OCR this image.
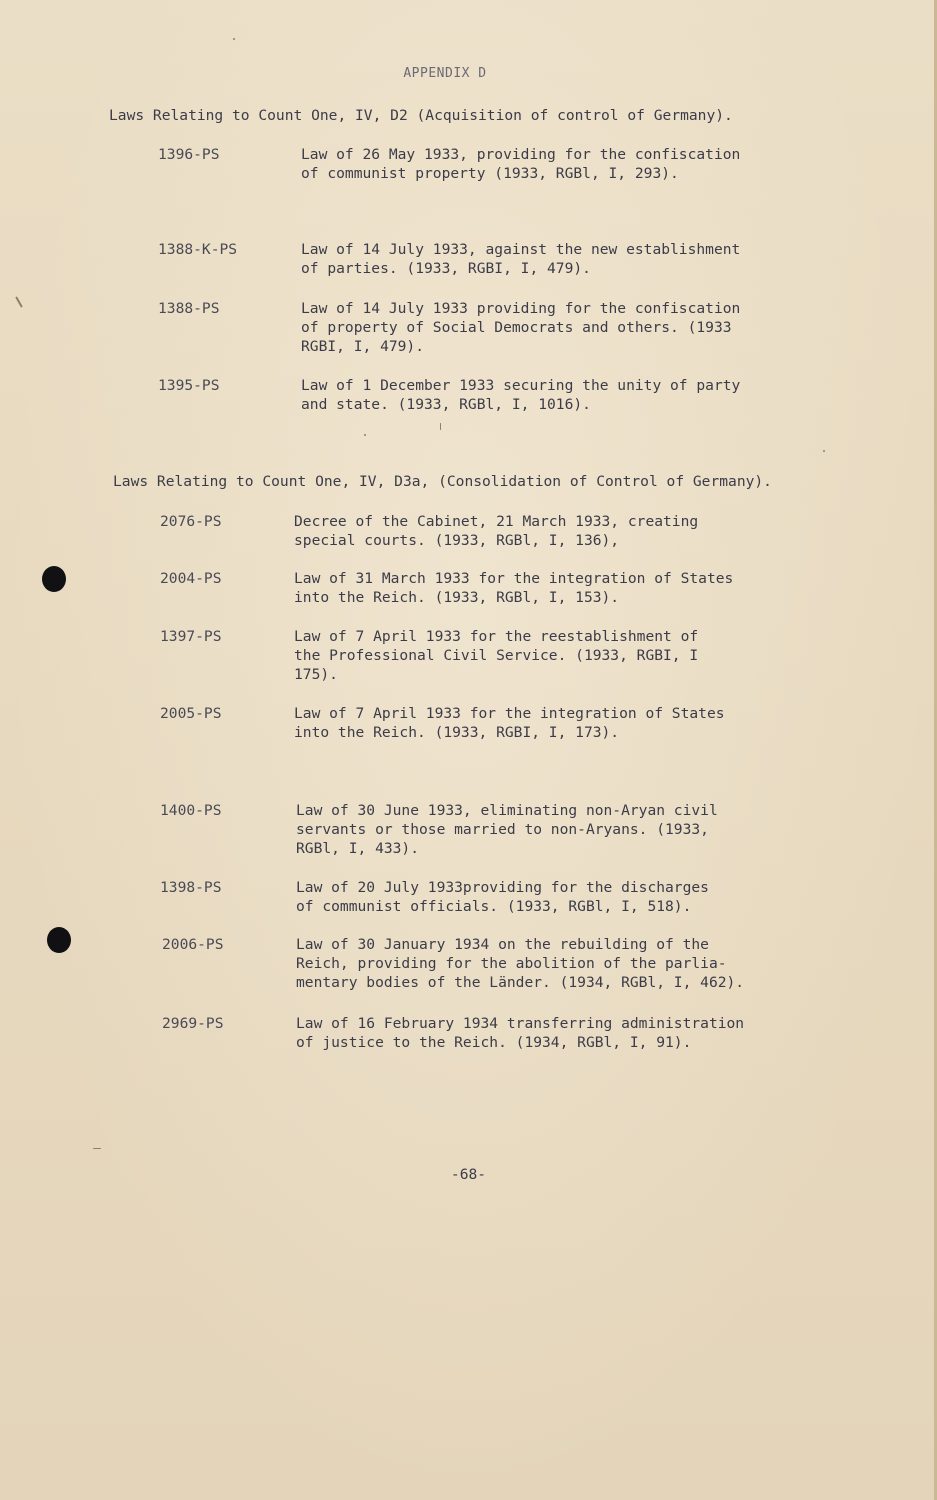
APPENDIX D
Laws Relating to Count One, IV, D2 (Acquisition of control of Germany).
1396-PS	Law of 26 May 1933, providing for the confiscation
of communist property (1933, RGBl, I, 293).
1388-K-PS	Law of 14 July 1933, against the new establishment
of parties. (1933, RGBI, I, 479).
1388-PS	Law of 14 July 1933 providing for the confiscation
of property of Social Democrats and others. (1933
RGBI, I, 479).
1395-PS	Law of 1 December 1933 securing the unity of party
and state. (1933, RGBl, I, 1016).
Laws Relating to Count One, IV, D3a, (Consolidation of Control of Germany).
2076-PS	Decree of the Cabinet, 21 March 1933, creating
special courts. (1933, RGBl, I, 136),
2004-PS	Law of 31 March 1933 for the integration of States
into the Reich. (1933, RGBl, I, 153).
1397-PS	Law of 7 April 1933 for the reestablishment of
the Professional Civil Service. (1933, RGBI, I
175).
2005-PS	Law of 7 April 1933 for the integration of States
into the Reich. (1933, RGBI, I, 173).
1400-PS	Law of 30 June 1933, eliminating non-Aryan civil
servants or those married to non-Aryans. (1933,
RGBl, I, 433).
1398-PS	Law of 20 July 1933providing for the discharges
of communist officials. (1933, RGBl, I, 518).
2006-PS	Law of 30 January 1934 on the rebuilding of the
Reich, providing for the abolition of the parlia-
mentary bodies of the Länder. (1934, RGBl, I, 462).
2969-PS	Law of 16 February 1934 transferring administration
of justice to the Reich. (1934, RGBl, I, 91).
-68-
